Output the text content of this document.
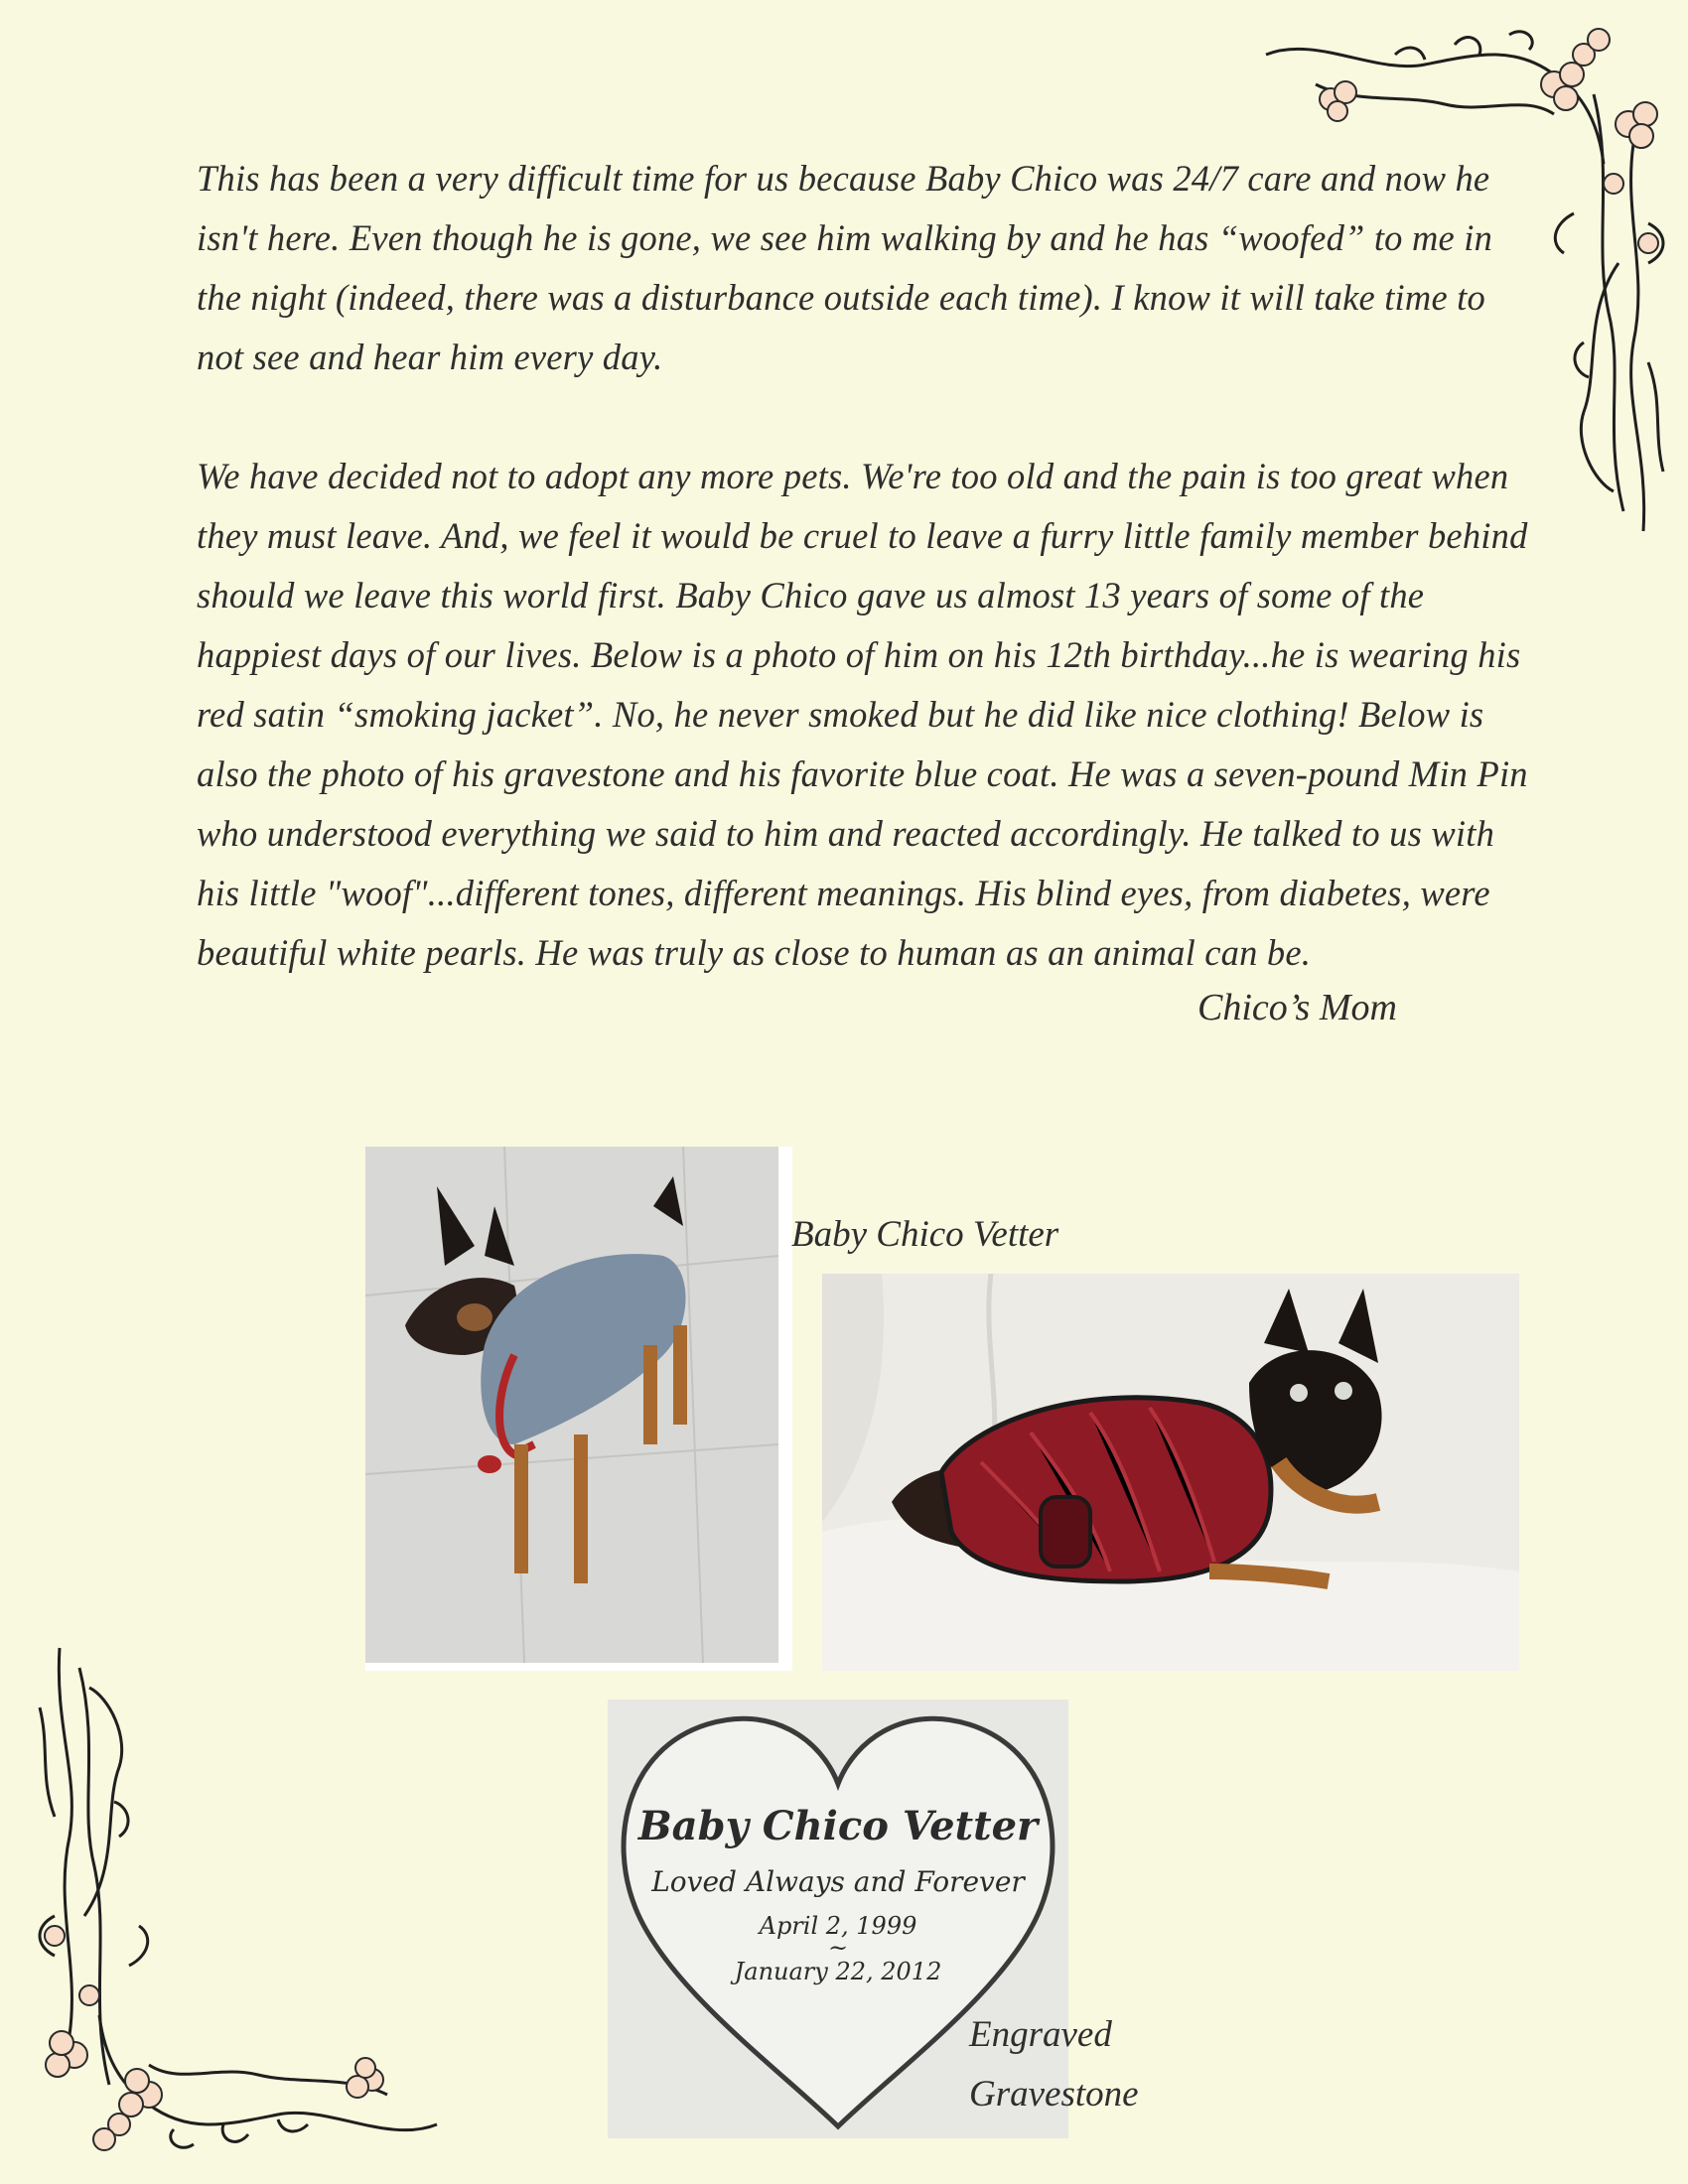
This has been a very difficult time for us because Baby Chico was 24/7 care and now he isn't here. Even though he is gone, we see him walking by and he has “woofed” to me in the night (indeed, there was a disturbance outside each time). I know it will take time to not see and hear him every day.

We have decided not to adopt any more pets. We're too old and the pain is too great when they must leave. And, we feel it would be cruel to leave a furry little family member behind should we leave this world first. Baby Chico gave us almost 13 years of some of the happiest days of our lives. Below is a photo of him on his 12th birthday...he is wearing his red satin “smoking jacket”. No, he never smoked but he did like nice clothing! Below is also the photo of his gravestone and his favorite blue coat. He was a seven-pound Min Pin who understood everything we said to him and reacted accordingly. He talked to us with his little "woof"...different tones, different meanings. His blind eyes, from diabetes, were beautiful white pearls. He was truly as close to human as an animal can be.

Chico’s Mom
Baby Chico Vetter
Baby Chico Vetter
Loved Always and Forever
April 2, 1999
~
January 22, 2012
Engraved
Gravestone
